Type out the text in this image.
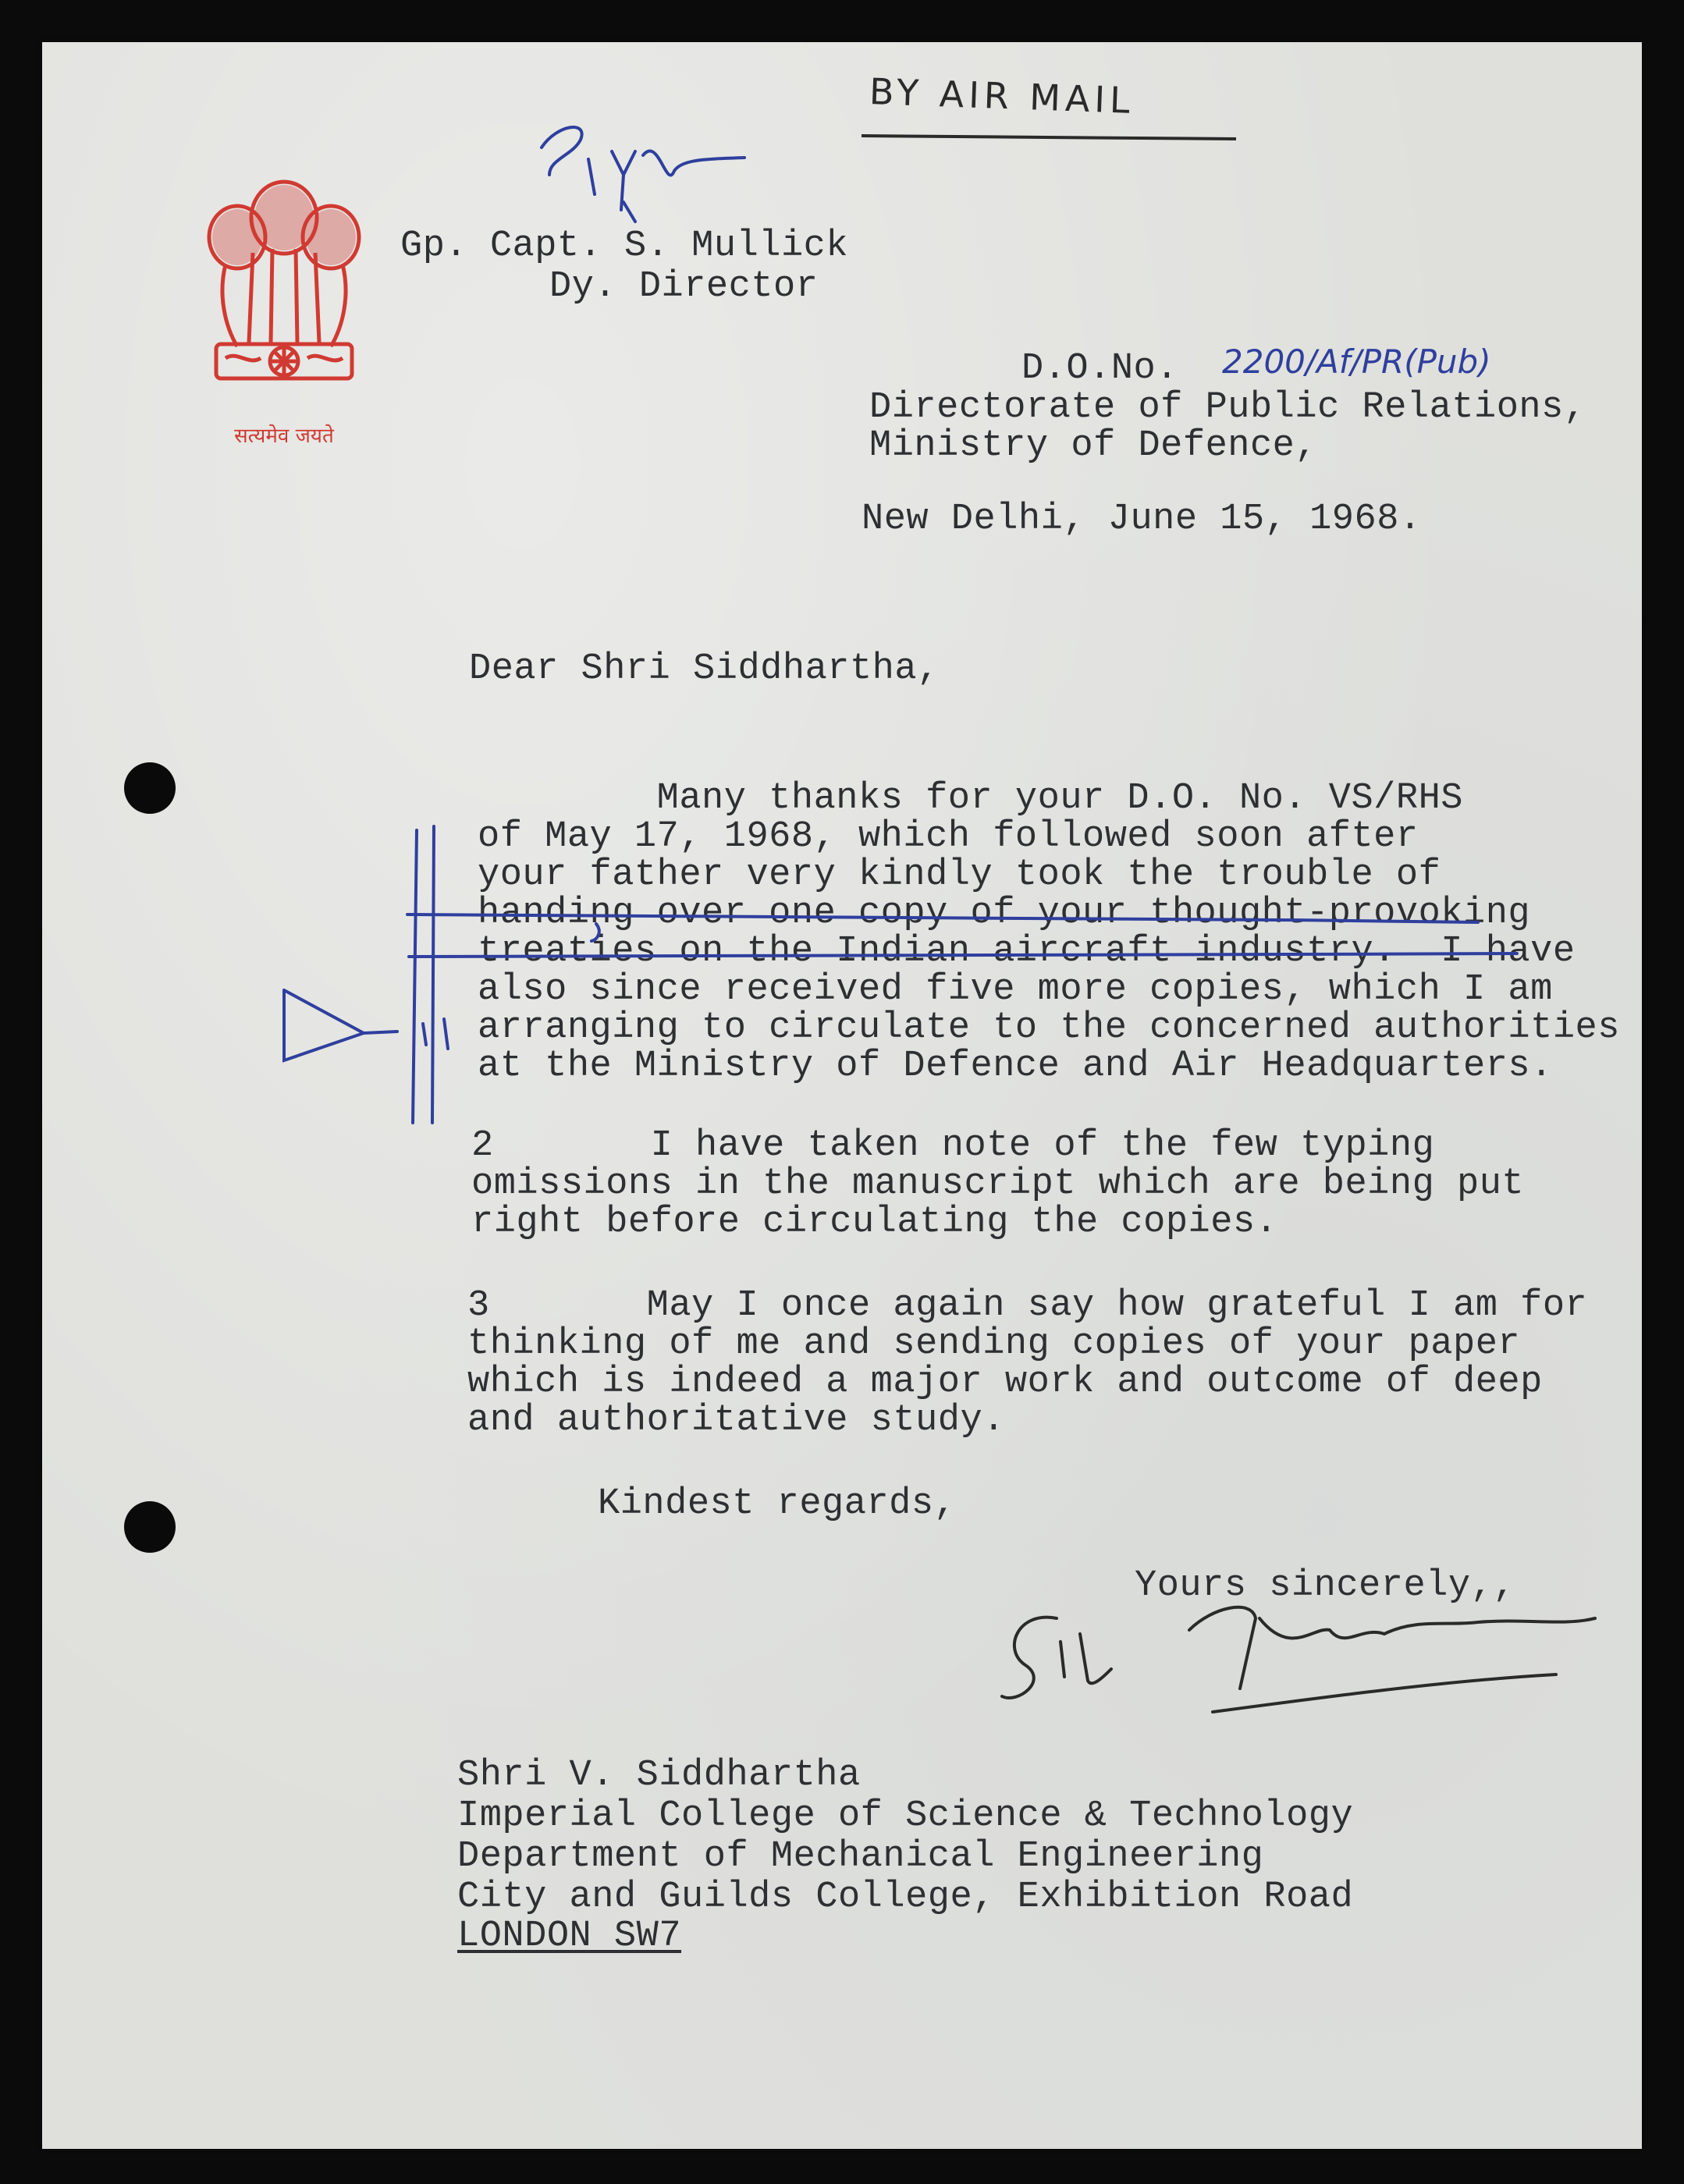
BY AIR MAIL

सत्यमेव जयते

Gp. Capt. S. Mullick

Dy. Director

D.O.No. 2200/Af/PR(Pub)

Directorate of Public Relations,

Ministry of Defence,

New Delhi, June 15, 1968.

Dear Shri Siddhartha,

Many thanks for your D.O. No. VS/RHS

of May 17, 1968, which followed soon after

your father very kindly took the trouble of

handing over one copy of your thought-provoking

treaties on the Indian aircraft industry.  I have

also since received five more copies, which I am

arranging to circulate to the concerned authorities

at the Ministry of Defence and Air Headquarters.

2       I have taken note of the few typing

omissions in the manuscript which are being put

right before circulating the copies.

3       May I once again say how grateful I am for

thinking of me and sending copies of your paper

which is indeed a major work and outcome of deep

and authoritative study.

Kindest regards,

Yours sincerely,,

Shri V. Siddhartha

Imperial College of Science & Technology

Department of Mechanical Engineering

City and Guilds College, Exhibition Road

LONDON SW7
